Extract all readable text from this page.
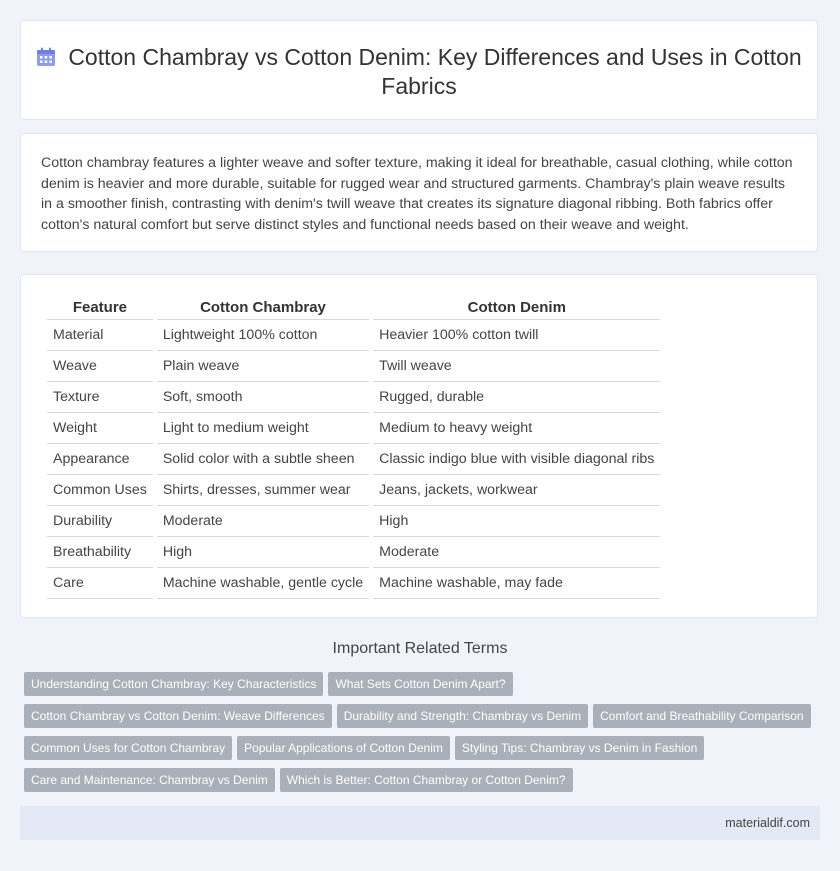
Cotton Chambray vs Cotton Denim: Key Differences and Uses in Cotton Fabrics

Cotton chambray features a lighter weave and softer texture, making it ideal for breathable, casual clothing, while cotton denim is heavier and more durable, suitable for rugged wear and structured garments. Chambray's plain weave results in a smoother finish, contrasting with denim's twill weave that creates its signature diagonal ribbing. Both fabrics offer cotton's natural comfort but serve distinct styles and functional needs based on their weave and weight.

Feature	Cotton Chambray	Cotton Denim
Material	Lightweight 100% cotton	Heavier 100% cotton twill
Weave	Plain weave	Twill weave
Texture	Soft, smooth	Rugged, durable
Weight	Light to medium weight	Medium to heavy weight
Appearance	Solid color with a subtle sheen	Classic indigo blue with visible diagonal ribs
Common Uses	Shirts, dresses, summer wear	Jeans, jackets, workwear
Durability	Moderate	High
Breathability	High	Moderate
Care	Machine washable, gentle cycle	Machine washable, may fade
Important Related Terms
Understanding Cotton Chambray: Key Characteristics What Sets Cotton Denim Apart?
Cotton Chambray vs Cotton Denim: Weave Differences Durability and Strength: Chambray vs Denim Comfort and Breathability Comparison
Common Uses for Cotton Chambray Popular Applications of Cotton Denim Styling Tips: Chambray vs Denim in Fashion
Care and Maintenance: Chambray vs Denim Which is Better: Cotton Chambray or Cotton Denim?
materialdif.com
